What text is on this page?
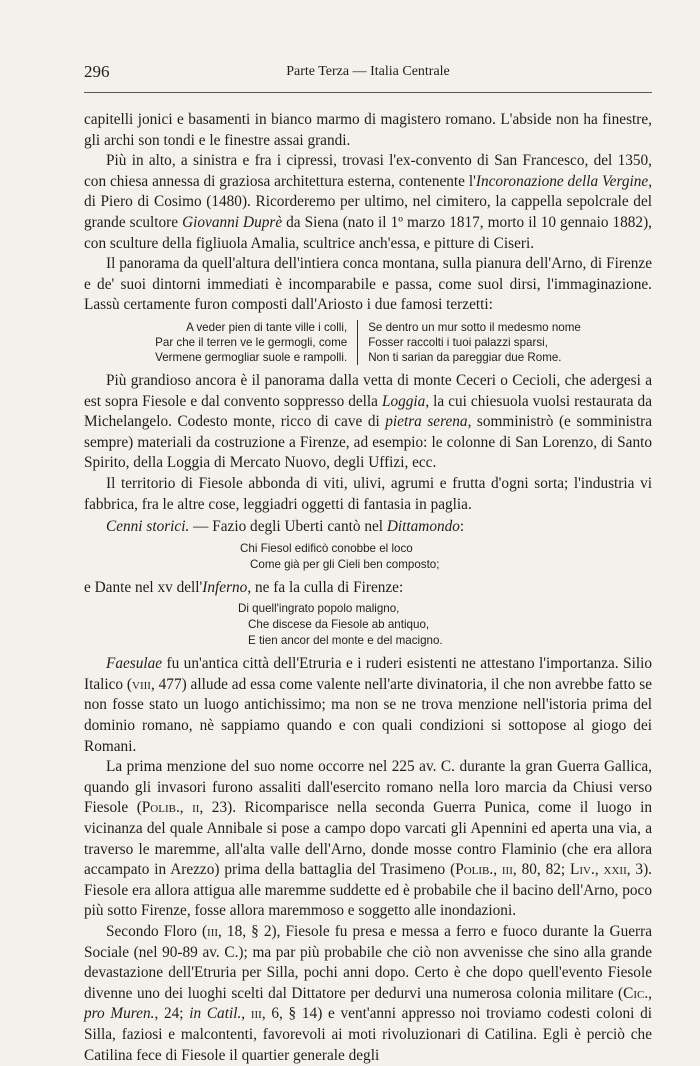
296	Parte Terza — Italia Centrale

capitelli jonici e basamenti in bianco marmo di magistero romano. L'abside non ha finestre, gli archi son tondi e le finestre assai grandi.

Più in alto, a sinistra e fra i cipressi, trovasi l'ex-convento di San Francesco, del 1350, con chiesa annessa di graziosa architettura esterna, contenente l'Incoronazione della Vergine, di Piero di Cosimo (1480). Ricorderemo per ultimo, nel cimitero, la cappella sepolcrale del grande scultore Giovanni Duprè da Siena (nato il 1º marzo 1817, morto il 10 gennaio 1882), con sculture della figliuola Amalia, scultrice anch'essa, e pitture di Ciseri.

Il panorama da quell'altura dell'intiera conca montana, sulla pianura dell'Arno, di Firenze e de' suoi dintorni immediati è incomparabile e passa, come suol dirsi, l'immaginazione. Lassù certamente furon composti dall'Ariosto i due famosi terzetti:

A veder pien di tante ville i colli,
Par che il terren ve le germogli, come
Vermene germogliar suole e rampolli.
Se dentro un mur sotto il medesmo nome
Fosser raccolti i tuoi palazzi sparsi,
Non ti sarian da pareggiar due Rome.

Più grandioso ancora è il panorama dalla vetta di monte Ceceri o Cecioli, che adergesi a est sopra Fiesole e dal convento soppresso della Loggia, la cui chiesuola vuolsi restaurata da Michelangelo. Codesto monte, ricco di cave di pietra serena, somministrò (e somministra sempre) materiali da costruzione a Firenze, ad esempio: le colonne di San Lorenzo, di Santo Spirito, della Loggia di Mercato Nuovo, degli Uffizi, ecc.

Il territorio di Fiesole abbonda di viti, ulivi, agrumi e frutta d'ogni sorta; l'industria vi fabbrica, fra le altre cose, leggiadri oggetti di fantasia in paglia.

Cenni storici. — Fazio degli Uberti cantò nel Dittamondo:

Chi Fiesol edificò conobbe el loco
Come già per gli Cieli ben composto;

e Dante nel xv dell'Inferno, ne fa la culla di Firenze:

Di quell'ingrato popolo maligno,
Che discese da Fiesole ab antiquo,
E tien ancor del monte e del macigno.

Faesulae fu un'antica città dell'Etruria e i ruderi esistenti ne attestano l'importanza. Silio Italico (viii, 477) allude ad essa come valente nell'arte divinatoria, il che non avrebbe fatto se non fosse stato un luogo antichissimo; ma non se ne trova menzione nell'istoria prima del dominio romano, nè sappiamo quando e con quali condizioni si sottopose al giogo dei Romani.

La prima menzione del suo nome occorre nel 225 av. C. durante la gran Guerra Gallica, quando gli invasori furono assaliti dall'esercito romano nella loro marcia da Chiusi verso Fiesole (Polib., ii, 23). Ricomparisce nella seconda Guerra Punica, come il luogo in vicinanza del quale Annibale si pose a campo dopo varcati gli Apennini ed aperta una via, a traverso le maremme, all'alta valle dell'Arno, donde mosse contro Flaminio (che era allora accampato in Arezzo) prima della battaglia del Trasimeno (Polib., iii, 80, 82; Liv., xxii, 3). Fiesole era allora attigua alle maremme suddette ed è probabile che il bacino dell'Arno, poco più sotto Firenze, fosse allora maremmoso e soggetto alle inondazioni.

Secondo Floro (iii, 18, § 2), Fiesole fu presa e messa a ferro e fuoco durante la Guerra Sociale (nel 90-89 av. C.); ma par più probabile che ciò non avvenisse che sino alla grande devastazione dell'Etruria per Silla, pochi anni dopo. Certo è che dopo quell'evento Fiesole divenne uno dei luoghi scelti dal Dittatore per dedurvi una numerosa colonia militare (Cic., pro Muren., 24; in Catil., iii, 6, § 14) e vent'anni appresso noi troviamo codesti coloni di Silla, faziosi e malcontenti, favorevoli ai moti rivoluzionari di Catilina. Egli è perciò che Catilina fece di Fiesole il quartier generale degli
